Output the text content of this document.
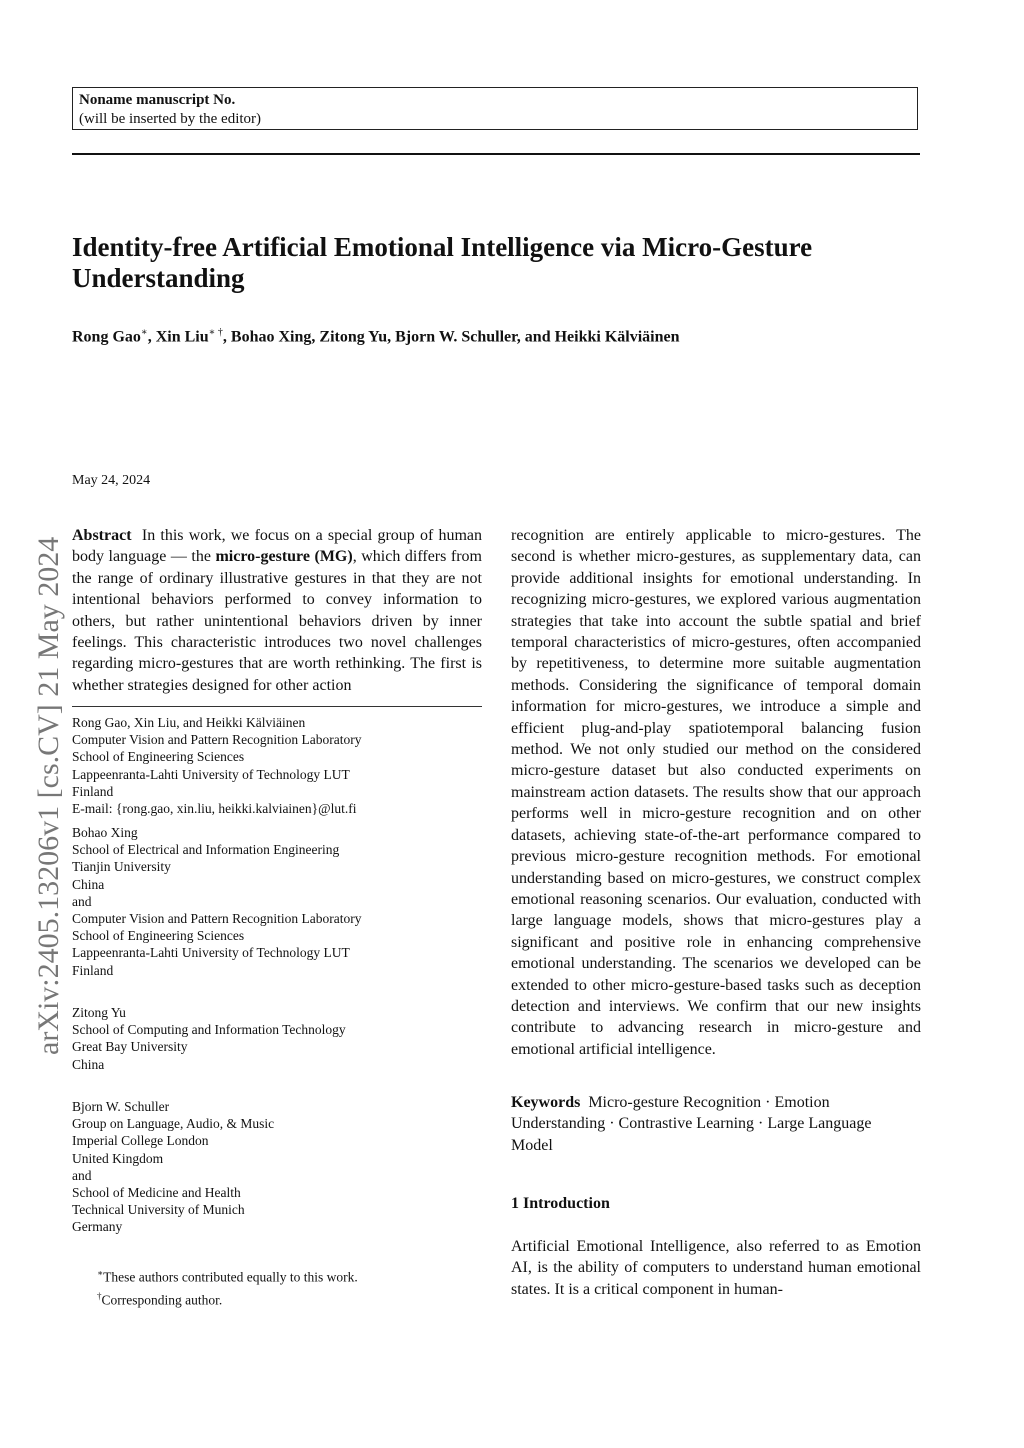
Noname manuscript No.
(will be inserted by the editor)
Identity-free Artificial Emotional Intelligence via Micro-Gesture Understanding
Rong Gao∗, Xin Liu∗ †, Bohao Xing, Zitong Yu, Bjorn W. Schuller, and Heikki Kälviäinen
May 24, 2024
arXiv:2405.13206v1 [cs.CV] 21 May 2024
Abstract In this work, we focus on a special group of human body language — the micro-gesture (MG), which differs from the range of ordinary illustrative gestures in that they are not intentional behaviors performed to convey information to others, but rather unintentional behaviors driven by inner feelings. This characteristic introduces two novel challenges regarding micro-gestures that are worth rethinking. The first is whether strategies designed for other action
Rong Gao, Xin Liu, and Heikki Kälviäinen
Computer Vision and Pattern Recognition Laboratory
School of Engineering Sciences
Lappeenranta-Lahti University of Technology LUT
Finland
E-mail: {rong.gao, xin.liu, heikki.kalviainen}@lut.fi
Bohao Xing
School of Electrical and Information Engineering
Tianjin University
China
and
Computer Vision and Pattern Recognition Laboratory
School of Engineering Sciences
Lappeenranta-Lahti University of Technology LUT
Finland
Zitong Yu
School of Computing and Information Technology
Great Bay University
China
Bjorn W. Schuller
Group on Language, Audio, & Music
Imperial College London
United Kingdom
and
School of Medicine and Health
Technical University of Munich
Germany
∗These authors contributed equally to this work.
†Corresponding author.
recognition are entirely applicable to micro-gestures. The second is whether micro-gestures, as supplementary data, can provide additional insights for emotional understanding. In recognizing micro-gestures, we explored various augmentation strategies that take into account the subtle spatial and brief temporal characteristics of micro-gestures, often accompanied by repetitiveness, to determine more suitable augmentation methods. Considering the significance of temporal domain information for micro-gestures, we introduce a simple and efficient plug-and-play spatiotemporal balancing fusion method. We not only studied our method on the considered micro-gesture dataset but also conducted experiments on mainstream action datasets. The results show that our approach performs well in micro-gesture recognition and on other datasets, achieving state-of-the-art performance compared to previous micro-gesture recognition methods. For emotional understanding based on micro-gestures, we construct complex emotional reasoning scenarios. Our evaluation, conducted with large language models, shows that micro-gestures play a significant and positive role in enhancing comprehensive emotional understanding. The scenarios we developed can be extended to other micro-gesture-based tasks such as deception detection and interviews. We confirm that our new insights contribute to advancing research in micro-gesture and emotional artificial intelligence.
Keywords Micro-gesture Recognition · Emotion Understanding · Contrastive Learning · Large Language Model
1 Introduction
Artificial Emotional Intelligence, also referred to as Emotion AI, is the ability of computers to understand human emotional states. It is a critical component in human-
